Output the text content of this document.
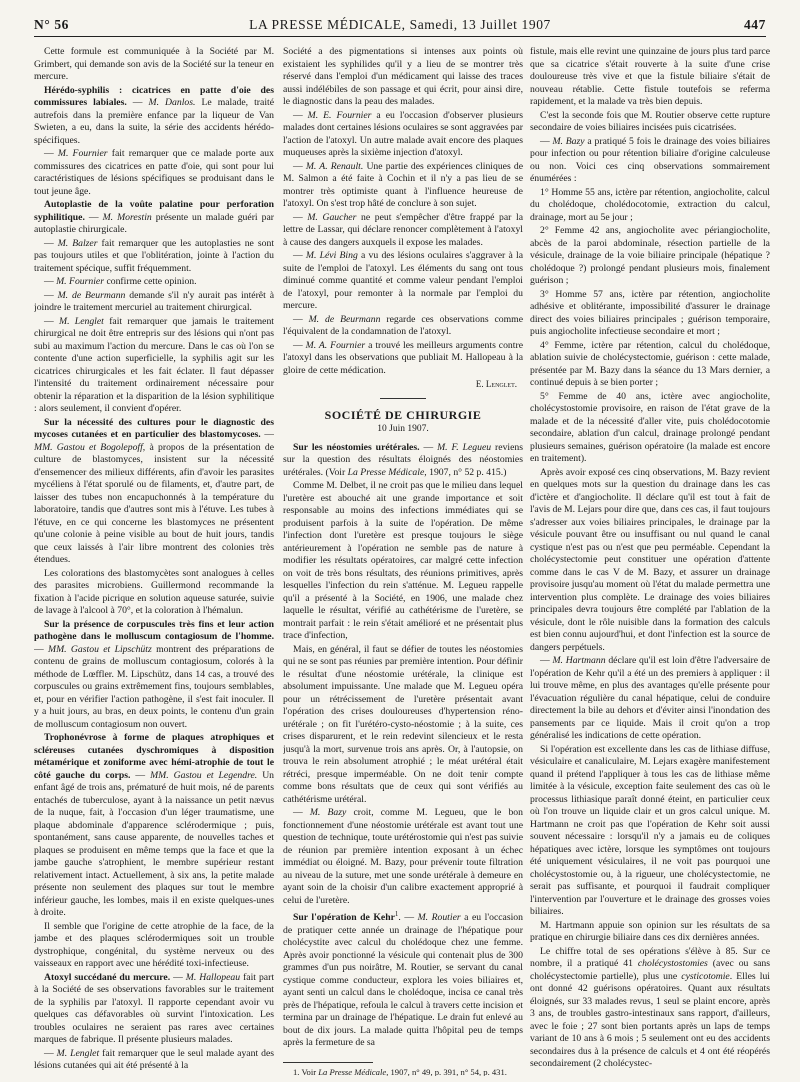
N° 56	LA PRESSE MÉDICALE, Samedi, 13 Juillet 1907	447

Cette formule est communiquée à la Société par M. Grimbert, qui demande son avis de la Société sur la teneur en mercure.

Hérédo-syphilis : cicatrices en patte d'oie des commissures labiales. — M. Danlos. Le malade, traité autrefois dans la première enfance par la liqueur de Van Swieten, a eu, dans la suite, la série des accidents hérédo-spécifiques.

— M. Fournier fait remarquer que ce malade porte aux commissures des cicatrices en patte d'oie, qui sont pour lui caractéristiques de lésions spécifiques se produisant dans le tout jeune âge.

Autoplastie de la voûte palatine pour perforation syphilitique. — M. Morestin présente un malade guéri par autoplastie chirurgicale.

— M. Balzer fait remarquer que les autoplasties ne sont pas toujours utiles et que l'oblitération, jointe à l'action du traitement spécique, suffit fréquemment.

— M. Fournier confirme cette opinion.

— M. de Beurmann demande s'il n'y aurait pas intérêt à joindre le traitement mercuriel au traitement chirurgical.

— M. Lenglet fait remarquer que jamais le traitement chirurgical ne doit être entrepris sur des lésions qui n'ont pas subi au maximum l'action du mercure. Dans le cas où l'on se contente d'une action superficielle, la syphilis agit sur les cicatrices chirurgicales et les fait éclater. Il faut dépasser l'intensité du traitement ordinairement nécessaire pour obtenir la réparation et la disparition de la lésion syphilitique : alors seulement, il convient d'opérer.

Sur la nécessité des cultures pour le diagnostic des mycoses cutanées et en particulier des blastomycoses. — MM. Gastou et Bogolepoff, à propos de la présentation de culture de blastomyces, insistent sur la nécessité d'ensemencer des milieux différents, afin d'avoir les parasites mycéliens à l'état sporulé ou de filaments, et, d'autre part, de laisser des tubes non encapuchonnés à la température du laboratoire, tandis que d'autres sont mis à l'étuve. Les tubes à l'étuve, en ce qui concerne les blastomyces ne présentent qu'une colonie à peine visible au bout de huit jours, tandis que ceux laissés à l'air libre montrent des colonies très étendues.

Les colorations des blastomycètes sont analogues à celles des parasites microbiens. Guillermond recommande la fixation à l'acide picrique en solution aqueuse saturée, suivie de lavage à l'alcool à 70°, et la coloration à l'hémalun.

Sur la présence de corpuscules très fins et leur action pathogène dans le molluscum contagiosum de l'homme. — MM. Gastou et Lipschütz montrent des préparations de contenu de grains de molluscum contagiosum, colorés à la méthode de Lœffler. M. Lipschütz, dans 14 cas, a trouvé des corpuscules ou grains extrêmement fins, toujours semblables, et, pour en vérifier l'action pathogène, il s'est fait inoculer. Il y a huit jours, au bras, en deux points, le contenu d'un grain de molluscum contagiosum non ouvert.

Trophonévrose à forme de plaques atrophiques et scléreuses cutanées dyschromiques à disposition métamérique et zoniforme avec hémi-atrophie de tout le côté gauche du corps. — MM. Gastou et Legendre. Un enfant âgé de trois ans, prématuré de huit mois, né de parents entachés de tuberculose, ayant à la naissance un petit nævus de la nuque, fait, à l'occasion d'un léger traumatisme, une plaque abdominale d'apparence sclérodermique ; puis, spontanément, sans cause apparente, de nouvelles taches et plaques se produisent en même temps que la face et que la jambe gauche s'atrophient, le membre supérieur restant relativement intact. Actuellement, à six ans, la petite malade présente non seulement des plaques sur tout le membre inférieur gauche, les lombes, mais il en existe quelques-unes à droite.

Il semble que l'origine de cette atrophie de la face, de la jambe et des plaques sclérodermiques soit un trouble dystrophique, congénital, du système nerveux ou des vaisseaux en rapport avec une hérédité toxi-infectieuse.

Atoxyl succédané du mercure. — M. Hallopeau fait part à la Société de ses observations favorables sur le traitement de la syphilis par l'atoxyl. Il rapporte cependant avoir vu quelques cas défavorables où survint l'intoxication. Les troubles oculaires ne seraient pas rares avec certaines marques de fabrique. Il présente plusieurs malades.

— M. Lenglet fait remarquer que le seul malade ayant des lésions cutanées qui ait été présenté à la

Société a des pigmentations si intenses aux points où existaient les syphilides qu'il y a lieu de se montrer très réservé dans l'emploi d'un médicament qui laisse des traces aussi indélébiles de son passage et qui écrit, pour ainsi dire, le diagnostic dans la peau des malades.

— M. E. Fournier a eu l'occasion d'observer plusieurs malades dont certaines lésions oculaires se sont aggravées par l'action de l'atoxyl. Un autre malade avait encore des plaques muqueuses après la sixième injection d'atoxyl.

— M. A. Renault. Une partie des expériences cliniques de M. Salmon a été faite à Cochin et il n'y a pas lieu de se montrer très optimiste quant à l'influence heureuse de l'atoxyl. On s'est trop hâté de conclure à son sujet.

— M. Gaucher ne peut s'empêcher d'être frappé par la lettre de Lassar, qui déclare renoncer complètement à l'atoxyl à cause des dangers auxquels il expose les malades.

— M. Lévi Bing a vu des lésions oculaires s'aggraver à la suite de l'emploi de l'atoxyl. Les éléments du sang ont tous diminué comme quantité et comme valeur pendant l'emploi de l'atoxyl, pour remonter à la normale par l'emploi du mercure.

— M. de Beurmann regarde ces observations comme l'équivalent de la condamnation de l'atoxyl.

— M. A. Fournier a trouvé les meilleurs arguments contre l'atoxyl dans les observations que publiait M. Hallopeau à la gloire de cette médication.

E. Lenglet.
SOCIÉTÉ DE CHIRURGIE
10 Juin 1907.

Sur les néostomies urétérales. — M. F. Legueu reviens sur la question des résultats éloignés des néostomies urétérales. (Voir La Presse Médicale, 1907, n° 52 p. 415.)

Comme M. Delbet, il ne croit pas que le milieu dans lequel l'uretère est abouché ait une grande importance et soit responsable au moins des infections immédiates qui se produisent parfois à la suite de l'opération. De même l'infection dont l'uretère est presque toujours le siège antérieurement à l'opération ne semble pas de nature à modifier les résultats opératoires, car malgré cette infection on voit de très bons résultats, des réunions primitives, après lesquelles l'infection du rein s'atténue. M. Legueu rappelle qu'il a présenté à la Société, en 1906, une malade chez laquelle le résultat, vérifié au cathétérisme de l'uretère, se montrait parfait : le rein s'était amélioré et ne présentait plus trace d'infection,

Mais, en général, il faut se défier de toutes les néostomies qui ne se sont pas réunies par première intention. Pour définir le résultat d'une néostomie urétérale, la clinique est absolument impuissante. Une malade que M. Legueu opéra pour un rétrécissement de l'uretère présentait avant l'opération des crises douloureuses d'hypertension réno-urétérale ; on fit l'urétéro-cysto-néostomie ; à la suite, ces crises disparurent, et le rein redevint silencieux et le resta jusqu'à la mort, survenue trois ans après. Or, à l'autopsie, on trouva le rein absolument atrophié ; le méat urétéral était rétréci, presque imperméable. On ne doit tenir compte comme bons résultats que de ceux qui sont vérifiés au cathétérisme urétéral.

— M. Bazy croit, comme M. Legueu, que le bon fonctionnement d'une néostomie urétérale est avant tout une question de technique, toute urétérostomie qui n'est pas suivie de réunion par première intention exposant à un échec immédiat ou éloigné. M. Bazy, pour prévenir toute filtration au niveau de la suture, met une sonde urétérale à demeure en ayant soin de la choisir d'un calibre exactement approprié à celui de l'uretère.

Sur l'opération de Kehr$^1$. — M. Routier a eu l'occasion de pratiquer cette année un drainage de l'hépatique pour cholécystite avec calcul du cholédoque chez une femme. Après avoir ponctionné la vésicule qui contenait plus de 300 grammes d'un pus noirâtre, M. Routier, se servant du canal cystique comme conducteur, explora les voies biliaires et, ayant senti un calcul dans le cholédoque, incisa ce canal très près de l'hépatique, refoula le calcul à travers cette incision et termina par un drainage de l'hépatique. Le drain fut enlevé au bout de dix jours. La malade quitta l'hôpital peu de temps après la fermeture de sa

1. Voir La Presse Médicale, 1907, n° 49, p. 391, n° 54, p. 431.

fistule, mais elle revint une quinzaine de jours plus tard parce que sa cicatrice s'était rouverte à la suite d'une crise douloureuse très vive et que la fistule biliaire s'était de nouveau rétablie. Cette fistule toutefois se referma rapidement, et la malade va très bien depuis.

C'est la seconde fois que M. Routier observe cette rupture secondaire de voies biliaires incisées puis cicatrisées.

— M. Bazy a pratiqué 5 fois le drainage des voies biliaires pour infection ou pour rétention biliaire d'origine calculeuse ou non. Voici ces cinq observations sommairement énumérées :

1° Homme 55 ans, ictère par rétention, angiocholite, calcul du cholédoque, cholédocotomie, extraction du calcul, drainage, mort au 5e jour ;

2° Femme 42 ans, angiocholite avec périangiocholite, abcès de la paroi abdominale, résection partielle de la vésicule, drainage de la voie biliaire principale (hépatique ? cholédoque ?) prolongé pendant plusieurs mois, finalement guérison ;

3° Homme 57 ans, ictère par rétention, angiocholite adhésive et oblitérante, impossibilité d'assurer le drainage direct des voies biliaires principales ; guérison temporaire, puis angiocholite infectieuse secondaire et mort ;

4° Femme, ictère par rétention, calcul du cholédoque, ablation suivie de cholécystectomie, guérison : cette malade, présentée par M. Bazy dans la séance du 13 Mars dernier, a continué depuis à se bien porter ;

5° Femme de 40 ans, ictère avec angiocholite, cholécystostomie provisoire, en raison de l'état grave de la malade et de la nécessité d'aller vite, puis cholédocotomie secondaire, ablation d'un calcul, drainage prolongé pendant plusieurs semaines, guérison opératoire (la malade est encore en traitement).

Après avoir exposé ces cinq observations, M. Bazy revient en quelques mots sur la question du drainage dans les cas d'ictère et d'angiocholite. Il déclare qu'il est tout à fait de l'avis de M. Lejars pour dire que, dans ces cas, il faut toujours s'adresser aux voies biliaires principales, le drainage par la vésicule pouvant être ou insuffisant ou nul quand le canal cystique n'est pas ou n'est que peu perméable. Cependant la cholécystectomie peut constituer une opération d'attente comme dans le cas V de M. Bazy, et assurer un drainage provisoire jusqu'au moment où l'état du malade permettra une intervention plus complète. Le drainage des voies biliaires principales devra toujours être complété par l'ablation de la vésicule, dont le rôle nuisible dans la formation des calculs est bien connu aujourd'hui, et dont l'infection est la source de dangers perpétuels.

— M. Hartmann déclare qu'il est loin d'être l'adversaire de l'opération de Kehr qu'il a été un des premiers à appliquer : il lui trouve même, en plus des avantages qu'elle présente pour l'évacuation régulière du canal hépatique, celui de conduire directement la bile au dehors et d'éviter ainsi l'inondation des pansements par ce liquide. Mais il croit qu'on a trop généralisé les indications de cette opération.

Si l'opération est excellente dans les cas de lithiase diffuse, vésiculaire et canaliculaire, M. Lejars exagère manifestement quand il prétend l'appliquer à tous les cas de lithiase même limitée à la vésicule, exception faite seulement des cas où le processus lithiasique paraît donné éteint, en particulier ceux où l'on trouve un liquide clair et un gros calcul unique. M. Hartmann ne croit pas que l'opération de Kehr soit aussi souvent nécessaire : lorsqu'il n'y a jamais eu de coliques hépatiques avec ictère, lorsque les symptômes ont toujours été uniquement vésiculaires, il ne voit pas pourquoi une cholécystostomie ou, à la rigueur, une cholécystectomie, ne serait pas suffisante, et pourquoi il faudrait compliquer l'intervention par l'ouverture et le drainage des grosses voies biliaires.

M. Hartmann appuie son opinion sur les résultats de sa pratique en chirurgie biliaire dans ces dix dernières années.

Le chiffre total de ses opérations s'élève à 85. Sur ce nombre, il a pratiqué 41 cholécystostomies (avec ou sans cholécystectomie partielle), plus une cysticotomie. Elles lui ont donné 42 guérisons opératoires. Quant aux résultats éloignés, sur 33 malades revus, 1 seul se plaint encore, après 3 ans, de troubles gastro-intestinaux sans rapport, d'ailleurs, avec le foie ; 27 sont bien portants après un laps de temps variant de 10 ans à 6 mois ; 5 seulement ont eu des accidents secondaires dus à la présence de calculs et 4 ont été réopérés secondairement (2 cholécystec-
